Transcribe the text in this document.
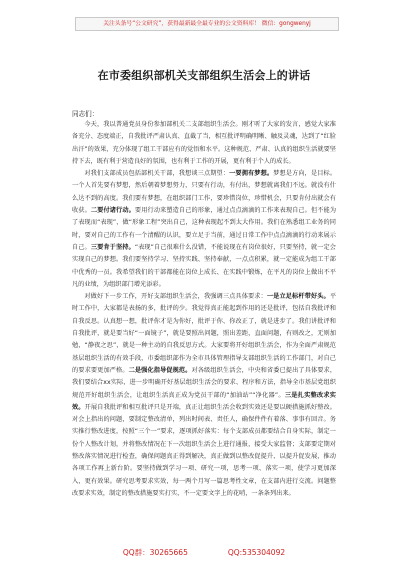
关注头条号“公文研究”，获得最新最全最专业的公文资料库！ 微信：gongwenyj
在市委组织部机关支部组织生活会上的讲话
同志们：

今天，我以普通党员身份参加部机关二支部组织生活会。刚才听了大家的发言，感觉大家准备充分、态度端正，自我批评严肃认真、直截了当，相互批评明确明晰、触及灵魂，达到了“红脸出汗”的效果，充分体现了组工干部应有的觉悟和水平。这种规范、严肃、认真的组织生活就要坚持下去，既有利于营造良好的氛围，也有利于工作的开展，更有利于个人的成长。

对我们支部成员包括部机关干部，我想谈三点期望：一要拥有梦想。梦想是方向，是目标。一个人首先要有梦想，然后朝着梦想努力，只要有行动，有付出，梦想就离我们不远。就没有什么达不到的高度。我们要有梦想，在组织部门工作，要珍惜岗位，珍惜机会，只要肯付出就会有收获。二要付诸行动。要用行动来塑造自己的形象，通过点点滴滴的工作来表现自己。但不能为了表现而“表现”，做“形象工程”突出自己，这种表现起不到太大作用。我们在熟悉组工业务的同时，要对自己的工作有一个清醒的认识，要立足于当前，通过日常工作中点点滴滴的行动来展示自己。三要肯于坚持。“表现”自己很难什么没错，不能说现在有岗位很好，只要坚持，就一定会实现自己的梦想。我们要坚持学习、坚持实践、坚持奉献，一点点积累，就一定能成为组工干部中优秀的一员。我希望我们的干部都能在岗位上成长、在实践中锻炼，在平凡的岗位上做出不平凡的业绩，为组织部门增光添彩。

对做好下一步工作，开好支部组织生活会，我强调三点具体要求：一是立足标杆带好头。平时工作中，大家都是表扬的多，批评的少。我觉得真正能起到作用的还是批评，包括自我批评和自我反思。认真想一想，批评你才是为你好，批评于你、你改正了，就是进步了。我们讲批评和自我批评，就是要当好“一面镜子”，就是要照出问题，照出差距，直面问题，有则改之，无则加勉，“静夜之思”，就是一种主动的自我反思方式。大家要将开好组织生活会，作为全面严肃规范基层组织生活的有效手段，市委组织部作为全市具体管理指导支部组织生活的工作部门，对自己的要求要更加严格。二是强化指导促规范。对各级组织生活会，中央和省委已提出了具体要求，我们要结合xx实际，进一步明确开好基层组织生活会的要求、程序和方法，指导全市基层党组织规范开好组织生活会，让组织生活真正成为党员干部的“加油站”“净化器”。三是扎实整改求实效。开展自我批评和相互批评只是开端，真正让组织生活会收到实效还是要以硬措施抓好整改。对会上指出的问题，要制定整改清单，列出时间表、责任人，确保件件有着落、事事有回音。务实推行整改进度，按照“三个一”要求，逐项抓好落实：每个支部成员都要结合自身实际，制定一份个人整改计划，并将整改情况在下一次组织生活会上进行通报，接受大家监督；支部要定期对整改落实情况进行检查，确保问题真正得到解决，真正做到以整改促提升、以提升促发展，推动各项工作再上新台阶。要坚持做到学习一项、研究一项，思考一项、落实一项，使学习更加深入，更有效果。研究思考要求实效，每一两个月写一篇思考性文章，在支部内进行交流。问题整改要求实效，制定的整改措施要实打实，不一定要文字上的花哨，一条条列出来。

QQ群：30265665	QQ:535304092
